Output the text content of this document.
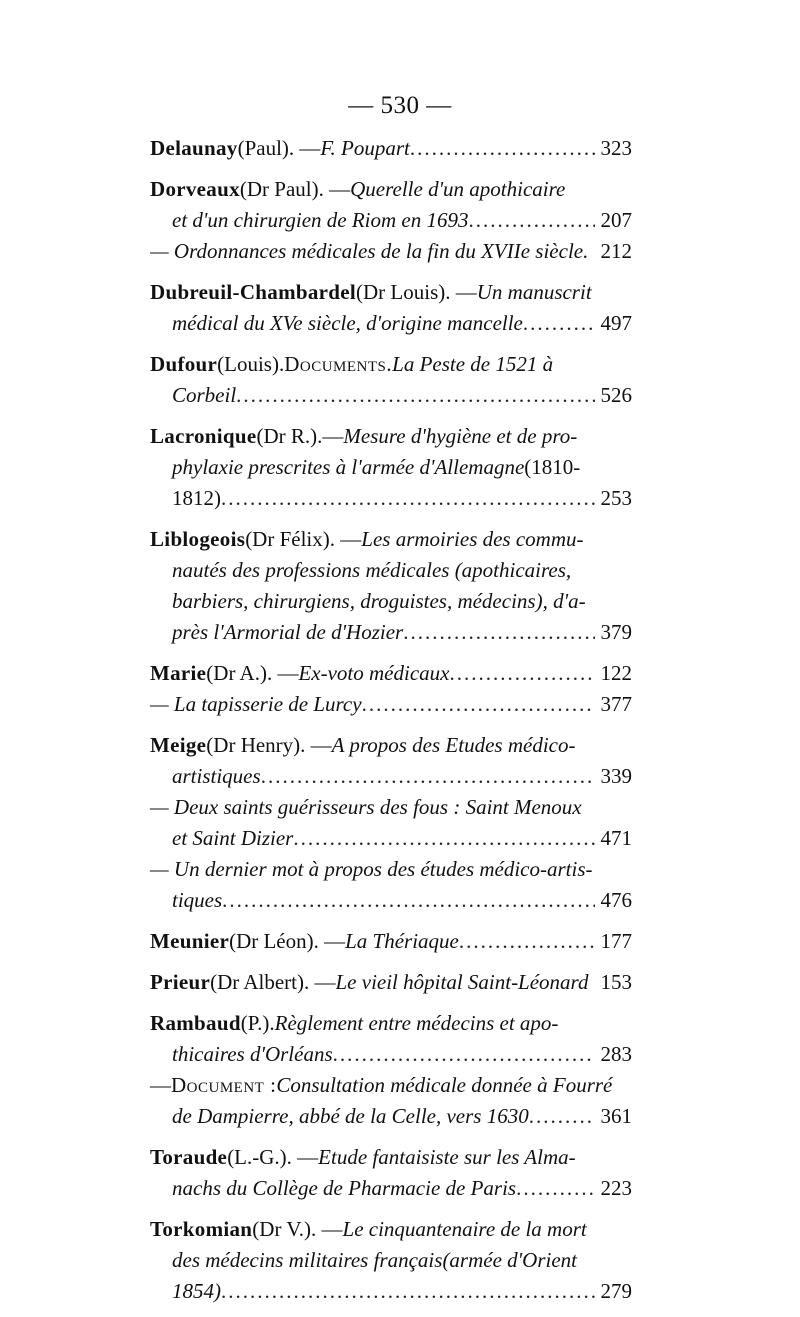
— 530 —
Delaunay (Paul). — F. Poupart .....	323
Dorveaux (Dr Paul). — Querelle d'un apothicaire
et d'un chirurgien de Riom en 1693 .....	207
— Ordonnances médicales de la fin du XVIIe siècle. 212
Dubreuil-Chambardel (Dr Louis). — Un manuscrit
médical du XVe siècle, d'origine mancelle .....	497
Dufour (Louis). Documents. La Peste de 1521 à
Corbeil .....	526
Lacronique (Dr R.).— Mesure d'hygiène et de pro-
phylaxie prescrites à l'armée d'Allemagne (1810-
1812) .....	253
Liblogeois (Dr Félix). — Les armoiries des commu-
nautés des professions médicales (apothicaires,
barbiers, chirurgiens, droguistes, médecins), d'a-
près l'Armorial de d'Hozier .....	379
Marie (Dr A.). — Ex-voto médicaux .....	122
— La tapisserie de Lurcy .....	377
Meige (Dr Henry). — A propos des Etudes médico-
artistiques .....	339
— Deux saints guérisseurs des fous : Saint Menoux
et Saint Dizier .....	471
— Un dernier mot à propos des études médico-artis-
tiques .....	476
Meunier (Dr Léon). — La Thériaque .....	177
Prieur (Dr Albert). — Le vieil hôpital Saint-Léonard 153
Rambaud (P.). Règlement entre médecins et apo-
thicaires d'Orléans .....	283
— Document : Consultation médicale donnée à Fourré
de Dampierre, abbé de la Celle, vers 1630 .....	361
Toraude (L.-G.). — Etude fantaisiste sur les Alma-
nachs du Collège de Pharmacie de Paris .....	223
Torkomian (Dr V.). — Le cinquantenaire de la mort
des médecins militaires français (armée d'Orient
1854) .....	279
